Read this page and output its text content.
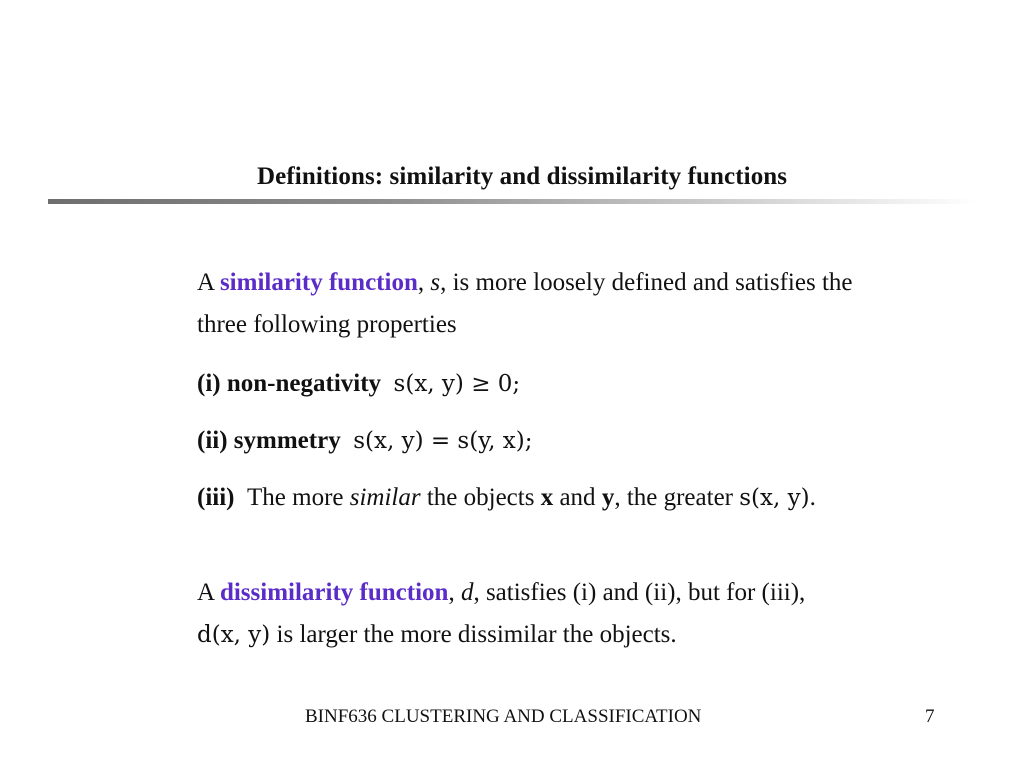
Definitions: similarity and dissimilarity functions

A similarity function, s, is more loosely defined and satisfies the

three following properties

(i) non-negativity s(x, y) ≥ 0;

(ii) symmetry s(x, y) = s(y, x);

(iii) The more similar the objects x and y, the greater s(x, y).

A dissimilarity function, d, satisfies (i) and (ii), but for (iii),

d(x, y) is larger the more dissimilar the objects.

BINF636 CLUSTERING AND CLASSIFICATION	7
